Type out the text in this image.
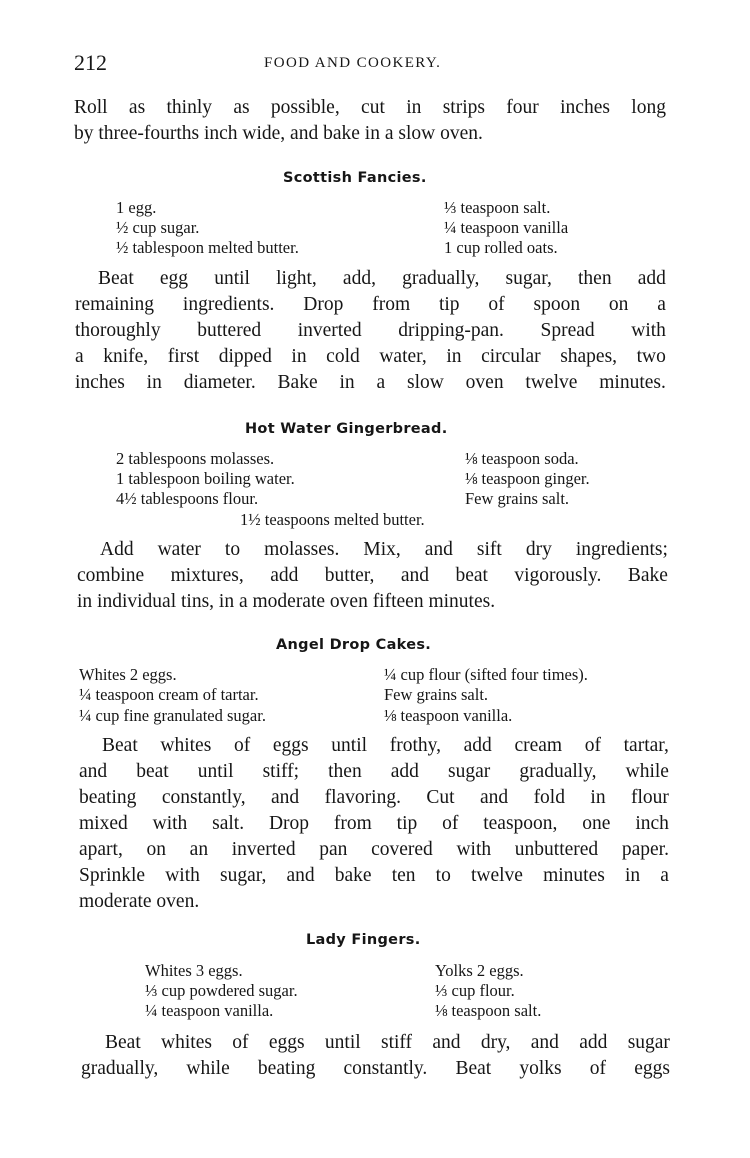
212	FOOD AND COOKERY.
Roll as thinly as possible, cut in strips four inches long
by three-fourths inch wide, and bake in a slow oven.
Scottish Fancies.
1 egg.
½ cup sugar.
½ tablespoon melted butter.
⅓ teaspoon salt.
¼ teaspoon vanilla
1 cup rolled oats.
Beat egg until light, add, gradually, sugar, then add
remaining ingredients. Drop from tip of spoon on a
thoroughly buttered inverted dripping-pan. Spread with
a knife, first dipped in cold water, in circular shapes, two
inches in diameter. Bake in a slow oven twelve minutes.
Hot Water Gingerbread.
2 tablespoons molasses.
1 tablespoon boiling water.
4½ tablespoons flour.
⅛ teaspoon soda.
⅛ teaspoon ginger.
Few grains salt.
1½ teaspoons melted butter.
Add water to molasses. Mix, and sift dry ingredients;
combine mixtures, add butter, and beat vigorously. Bake
in individual tins, in a moderate oven fifteen minutes.
Angel Drop Cakes.
Whites 2 eggs.
¼ teaspoon cream of tartar.
¼ cup fine granulated sugar.
¼ cup flour (sifted four times).
Few grains salt.
⅛ teaspoon vanilla.
Beat whites of eggs until frothy, add cream of tartar,
and beat until stiff; then add sugar gradually, while
beating constantly, and flavoring. Cut and fold in flour
mixed with salt. Drop from tip of teaspoon, one inch
apart, on an inverted pan covered with unbuttered paper.
Sprinkle with sugar, and bake ten to twelve minutes in a
moderate oven.
Lady Fingers.
Whites 3 eggs.
⅓ cup powdered sugar.
¼ teaspoon vanilla.
Yolks 2 eggs.
⅓ cup flour.
⅛ teaspoon salt.
Beat whites of eggs until stiff and dry, and add sugar
gradually, while beating constantly. Beat yolks of eggs
